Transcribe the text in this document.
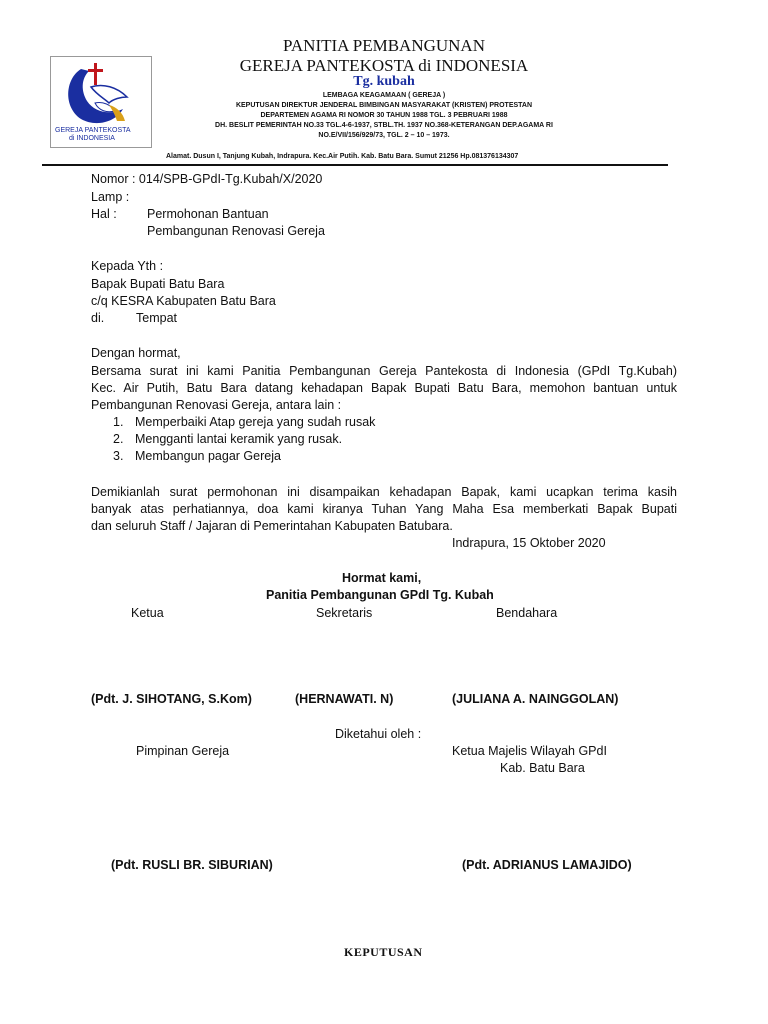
GEREJA PANTEKOSTA
di INDONESIA
PANITIA PEMBANGUNAN
GEREJA PANTEKOSTA di INDONESIA
Tg. kubah
LEMBAGA KEAGAMAAN ( GEREJA )
KEPUTUSAN DIREKTUR JENDERAL BIMBINGAN MASYARAKAT (KRISTEN) PROTESTAN
DEPARTEMEN AGAMA RI NOMOR 30 TAHUN 1988 TGL. 3 PEBRUARI 1988
DH. BESLIT PEMERINTAH NO.33 TGL.4-6-1937, STBL.TH. 1937 NO.368-KETERANGAN DEP.AGAMA RI
NO.E/VII/156/929/73, TGL. 2 – 10 – 1973.
Alamat. Dusun I, Tanjung Kubah, Indrapura. Kec.Air Putih. Kab. Batu Bara. Sumut 21256 Hp.081376134307
Nomor : 014/SPB-GPdI-Tg.Kubah/X/2020
Lamp :
Hal : Permohonan Bantuan
Pembangunan Renovasi Gereja
Kepada Yth :
Bapak Bupati Batu Bara
c/q KESRA Kabupaten Batu Bara
di.	Tempat
Dengan hormat,
Bersama surat ini kami Panitia Pembangunan Gereja Pantekosta di Indonesia (GPdI Tg.Kubah)
Kec. Air Putih, Batu Bara datang kehadapan Bapak Bupati Batu Bara, memohon bantuan untuk
Pembangunan Renovasi Gereja, antara lain :
1. Memperbaiki Atap gereja yang sudah rusak
2. Mengganti lantai keramik yang rusak.
3. Membangun pagar Gereja
Demikianlah surat permohonan ini disampaikan kehadapan Bapak, kami ucapkan terima kasih
banyak atas perhatiannya, doa kami kiranya Tuhan Yang Maha Esa memberkati Bapak Bupati
dan seluruh Staff / Jajaran di Pemerintahan Kabupaten Batubara.
Indrapura, 15 Oktober 2020
Hormat kami,
Panitia Pembangunan GPdI Tg. Kubah
Ketua	Sekretaris	Bendahara
(Pdt. J. SIHOTANG, S.Kom)	(HERNAWATI. N)	(JULIANA A. NAINGGOLAN)
Diketahui oleh :
Pimpinan Gereja	Ketua Majelis Wilayah GPdI
Kab. Batu Bara
(Pdt. RUSLI BR. SIBURIAN)	(Pdt. ADRIANUS LAMAJIDO)
KEPUTUSAN
